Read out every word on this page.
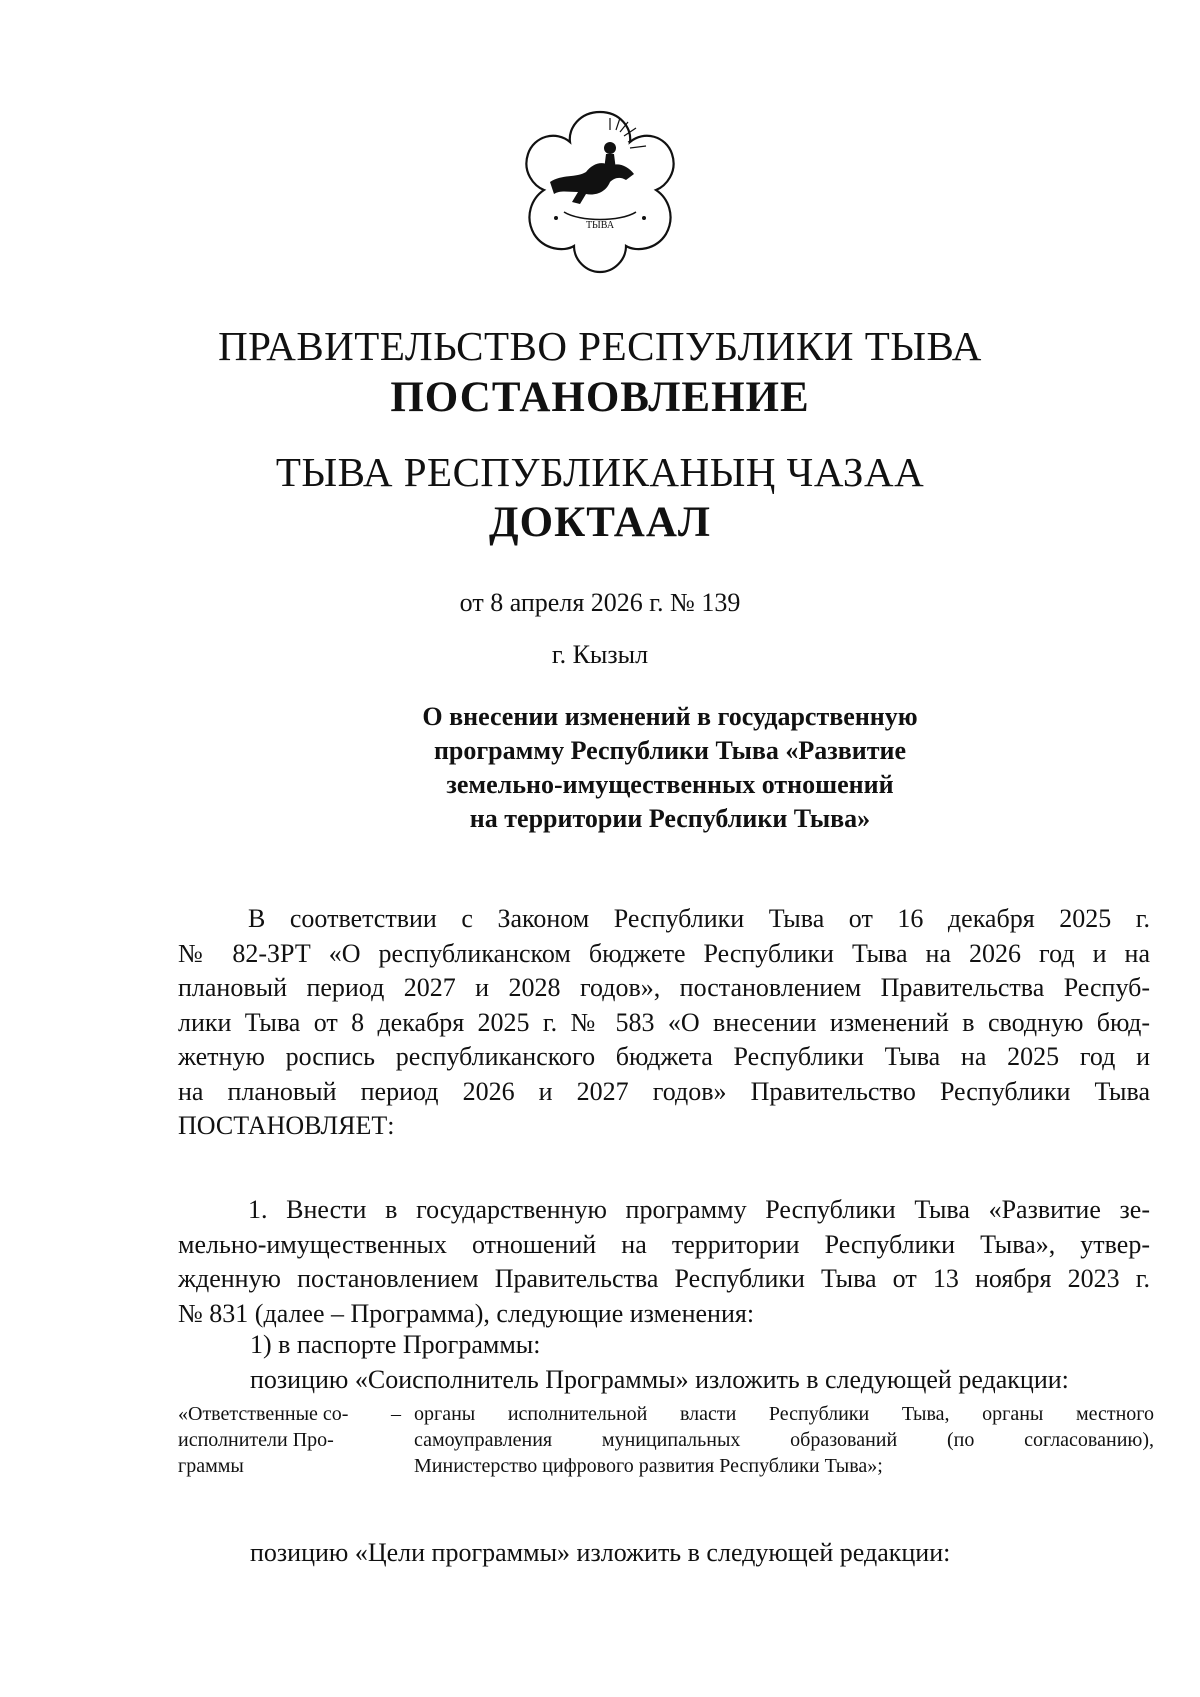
ТЫВА
ПРАВИТЕЛЬСТВО РЕСПУБЛИКИ ТЫВА
ПОСТАНОВЛЕНИЕ
ТЫВА РЕСПУБЛИКАНЫҢ ЧАЗАА
ДОКТААЛ
от 8 апреля 2026 г. № 139
г. Кызыл
О внесении изменений в государственную
программу Республики Тыва «Развитие
земельно-имущественных отношений
на территории Республики Тыва»
В соответствии с Законом Республики Тыва от 16 декабря 2025 г.
№ 82-ЗРТ «О республиканском бюджете Республики Тыва на 2026 год и на
плановый период 2027 и 2028 годов», постановлением Правительства Респуб-
лики Тыва от 8 декабря 2025 г. № 583 «О внесении изменений в сводную бюд-
жетную роспись республиканского бюджета Республики Тыва на 2025 год и
на плановый период 2026 и 2027 годов» Правительство Республики Тыва
ПОСТАНОВЛЯЕТ:
1. Внести в государственную программу Республики Тыва «Развитие зе-
мельно-имущественных отношений на территории Республики Тыва», утвер-
жденную постановлением Правительства Республики Тыва от 13 ноября 2023 г.
№ 831 (далее – Программа), следующие изменения:
1) в паспорте Программы:
позицию «Соисполнитель Программы» изложить в следующей редакции:
«Ответственные со-
исполнители Про-
граммы
– органы исполнительной власти Республики Тыва, органы местного
самоуправления муниципальных образований (по согласованию),
Министерство цифрового развития Республики Тыва»;
позицию «Цели программы» изложить в следующей редакции:
